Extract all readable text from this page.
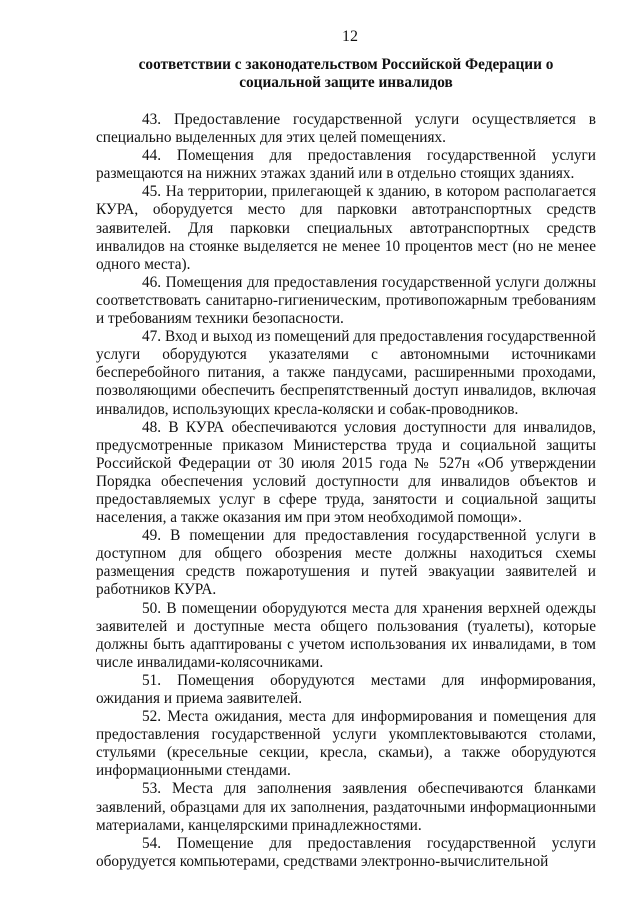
12
соответствии с законодательством Российской Федерации о социальной защите инвалидов

43. Предоставление государственной услуги осуществляется в специально выделенных для этих целей помещениях.

44. Помещения для предоставления государственной услуги размещаются на нижних этажах зданий или в отдельно стоящих зданиях.

45. На территории, прилегающей к зданию, в котором располагается КУРА, оборудуется место для парковки автотранспортных средств заявителей. Для парковки специальных автотранспортных средств инвалидов на стоянке выделяется не менее 10 процентов мест (но не менее одного места).

46. Помещения для предоставления государственной услуги должны соответствовать санитарно-гигиеническим, противопожарным требованиям и требованиям техники безопасности.

47. Вход и выход из помещений для предоставления государственной услуги оборудуются указателями с автономными источниками бесперебойного питания, а также пандусами, расширенными проходами, позволяющими обеспечить беспрепятственный доступ инвалидов, включая инвалидов, использующих кресла-коляски и собак-проводников.

48. В КУРА обеспечиваются условия доступности для инвалидов, предусмотренные приказом Министерства труда и социальной защиты Российской Федерации от 30 июля 2015 года № 527н «Об утверждении Порядка обеспечения условий доступности для инвалидов объектов и предоставляемых услуг в сфере труда, занятости и социальной защиты населения, а также оказания им при этом необходимой помощи».

49. В помещении для предоставления государственной услуги в доступном для общего обозрения месте должны находиться схемы размещения средств пожаротушения и путей эвакуации заявителей и работников КУРА.

50. В помещении оборудуются места для хранения верхней одежды заявителей и доступные места общего пользования (туалеты), которые должны быть адаптированы с учетом использования их инвалидами, в том числе инвалидами-колясочниками.

51. Помещения оборудуются местами для информирования, ожидания и приема заявителей.

52. Места ожидания, места для информирования и помещения для предоставления государственной услуги укомплектовываются столами, стульями (кресельные секции, кресла, скамьи), а также оборудуются информационными стендами.

53. Места для заполнения заявления обеспечиваются бланками заявлений, образцами для их заполнения, раздаточными информационными материалами, канцелярскими принадлежностями.

54. Помещение для предоставления государственной услуги оборудуется компьютерами, средствами электронно-вычислительной
